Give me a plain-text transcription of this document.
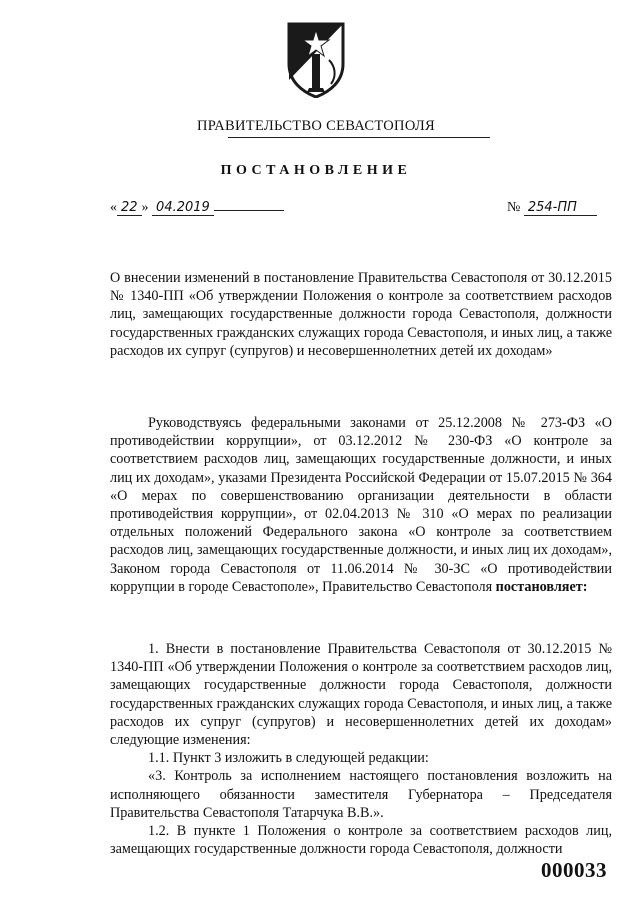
ПРАВИТЕЛЬСТВО СЕВАСТОПОЛЯ
ПОСТАНОВЛЕНИЕ
« 22 » 04.2019	№ 254-ПП

О внесении изменений в постановление Правительства Севастополя от 30.12.2015 № 1340-ПП «Об утверждении Положения о контроле за соответствием расходов лиц, замещающих государственные должности города Севастополя, должности государственных гражданских служащих города Севастополя, и иных лиц, а также расходов их супруг (супругов) и несовершеннолетних детей их доходам»

Руководствуясь федеральными законами от 25.12.2008 № 273-ФЗ «О противодействии коррупции», от 03.12.2012 № 230-ФЗ «О контроле за соответствием расходов лиц, замещающих государственные должности, и иных лиц их доходам», указами Президента Российской Федерации от 15.07.2015 № 364 «О мерах по совершенствованию организации деятельности в области противодействия коррупции», от 02.04.2013 № 310 «О мерах по реализации отдельных положений Федерального закона «О контроле за соответствием расходов лиц, замещающих государственные должности, и иных лиц их доходам», Законом города Севастополя от 11.06.2014 № 30-ЗС «О противодействии коррупции в городе Севастополе», Правительство Севастополя постановляет:

1. Внести в постановление Правительства Севастополя от 30.12.2015 № 1340-ПП «Об утверждении Положения о контроле за соответствием расходов лиц, замещающих государственные должности города Севастополя, должности государственных гражданских служащих города Севастополя, и иных лиц, а также расходов их супруг (супругов) и несовершеннолетних детей их доходам» следующие изменения:

1.1. Пункт 3 изложить в следующей редакции:

«3. Контроль за исполнением настоящего постановления возложить на исполняющего обязанности заместителя Губернатора – Председателя Правительства Севастополя Татарчука В.В.».

1.2. В пункте 1 Положения о контроле за соответствием расходов лиц, замещающих государственные должности города Севастополя, должности

000033
